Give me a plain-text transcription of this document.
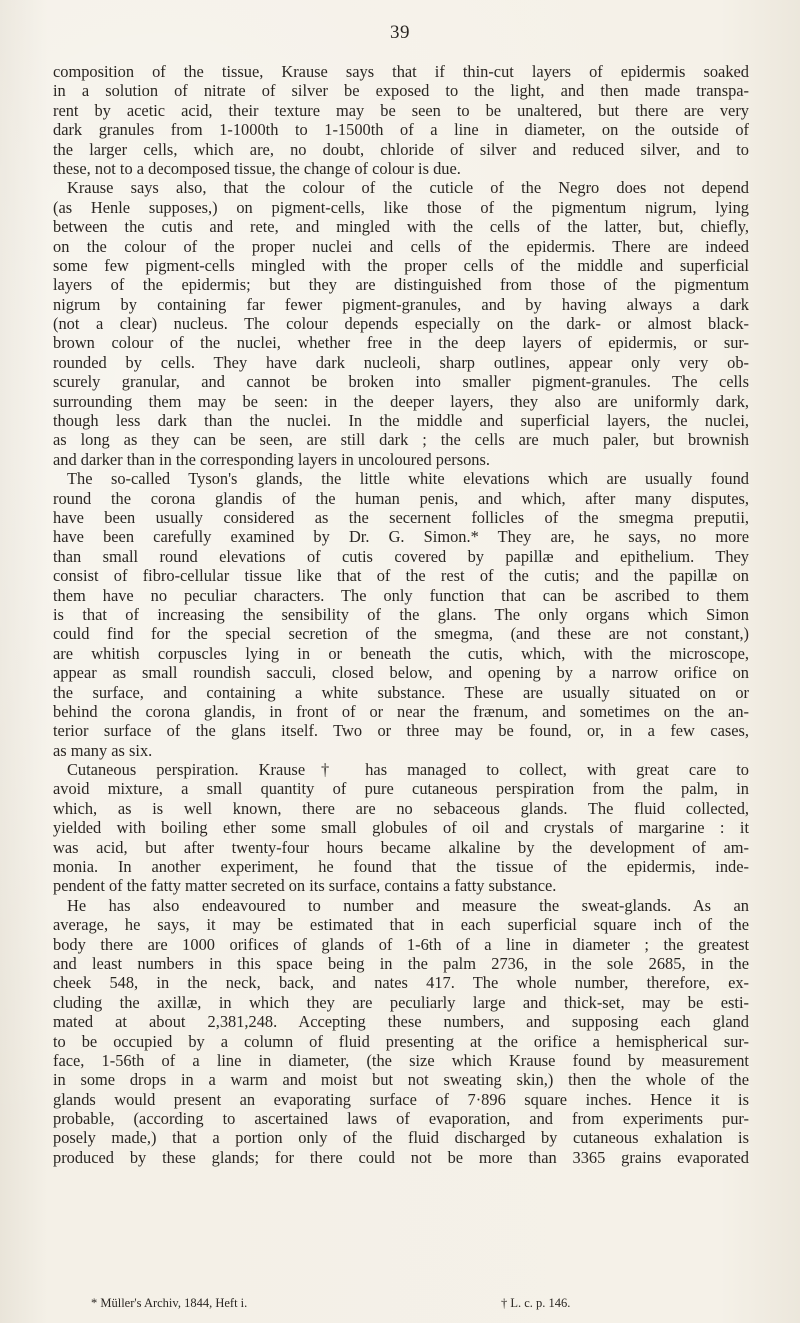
39
composition of the tissue, Krause says that if thin-cut layers of epidermis soaked
in a solution of nitrate of silver be exposed to the light, and then made transpa-
rent by acetic acid, their texture may be seen to be unaltered, but there are very
dark granules from 1-1000th to 1-1500th of a line in diameter, on the outside of
the larger cells, which are, no doubt, chloride of silver and reduced silver, and to
these, not to a decomposed tissue, the change of colour is due.
Krause says also, that the colour of the cuticle of the Negro does not depend
(as Henle supposes,) on pigment-cells, like those of the pigmentum nigrum, lying
between the cutis and rete, and mingled with the cells of the latter, but, chiefly,
on the colour of the proper nuclei and cells of the epidermis. There are indeed
some few pigment-cells mingled with the proper cells of the middle and superficial
layers of the epidermis; but they are distinguished from those of the pigmentum
nigrum by containing far fewer pigment-granules, and by having always a dark
(not a clear) nucleus. The colour depends especially on the dark- or almost black-
brown colour of the nuclei, whether free in the deep layers of epidermis, or sur-
rounded by cells. They have dark nucleoli, sharp outlines, appear only very ob-
scurely granular, and cannot be broken into smaller pigment-granules. The cells
surrounding them may be seen: in the deeper layers, they also are uniformly dark,
though less dark than the nuclei. In the middle and superficial layers, the nuclei,
as long as they can be seen, are still dark ; the cells are much paler, but brownish
and darker than in the corresponding layers in uncoloured persons.
The so-called Tyson's glands, the little white elevations which are usually found
round the corona glandis of the human penis, and which, after many disputes,
have been usually considered as the secernent follicles of the smegma preputii,
have been carefully examined by Dr. G. Simon.* They are, he says, no more
than small round elevations of cutis covered by papillæ and epithelium. They
consist of fibro-cellular tissue like that of the rest of the cutis; and the papillæ on
them have no peculiar characters. The only function that can be ascribed to them
is that of increasing the sensibility of the glans. The only organs which Simon
could find for the special secretion of the smegma, (and these are not constant,)
are whitish corpuscles lying in or beneath the cutis, which, with the microscope,
appear as small roundish sacculi, closed below, and opening by a narrow orifice on
the surface, and containing a white substance. These are usually situated on or
behind the corona glandis, in front of or near the frænum, and sometimes on the an-
terior surface of the glans itself. Two or three may be found, or, in a few cases,
as many as six.
Cutaneous perspiration. Krause† has managed to collect, with great care to
avoid mixture, a small quantity of pure cutaneous perspiration from the palm, in
which, as is well known, there are no sebaceous glands. The fluid collected,
yielded with boiling ether some small globules of oil and crystals of margarine : it
was acid, but after twenty-four hours became alkaline by the development of am-
monia. In another experiment, he found that the tissue of the epidermis, inde-
pendent of the fatty matter secreted on its surface, contains a fatty substance.
He has also endeavoured to number and measure the sweat-glands. As an
average, he says, it may be estimated that in each superficial square inch of the
body there are 1000 orifices of glands of 1-6th of a line in diameter ; the greatest
and least numbers in this space being in the palm 2736, in the sole 2685, in the
cheek 548, in the neck, back, and nates 417. The whole number, therefore, ex-
cluding the axillæ, in which they are peculiarly large and thick-set, may be esti-
mated at about 2,381,248. Accepting these numbers, and supposing each gland
to be occupied by a column of fluid presenting at the orifice a hemispherical sur-
face, 1-56th of a line in diameter, (the size which Krause found by measurement
in some drops in a warm and moist but not sweating skin,) then the whole of the
glands would present an evaporating surface of 7·896 square inches. Hence it is
probable, (according to ascertained laws of evaporation, and from experiments pur-
posely made,) that a portion only of the fluid discharged by cutaneous exhalation is
produced by these glands; for there could not be more than 3365 grains evaporated
* Müller's Archiv, 1844, Heft i.	† L. c. p. 146.
